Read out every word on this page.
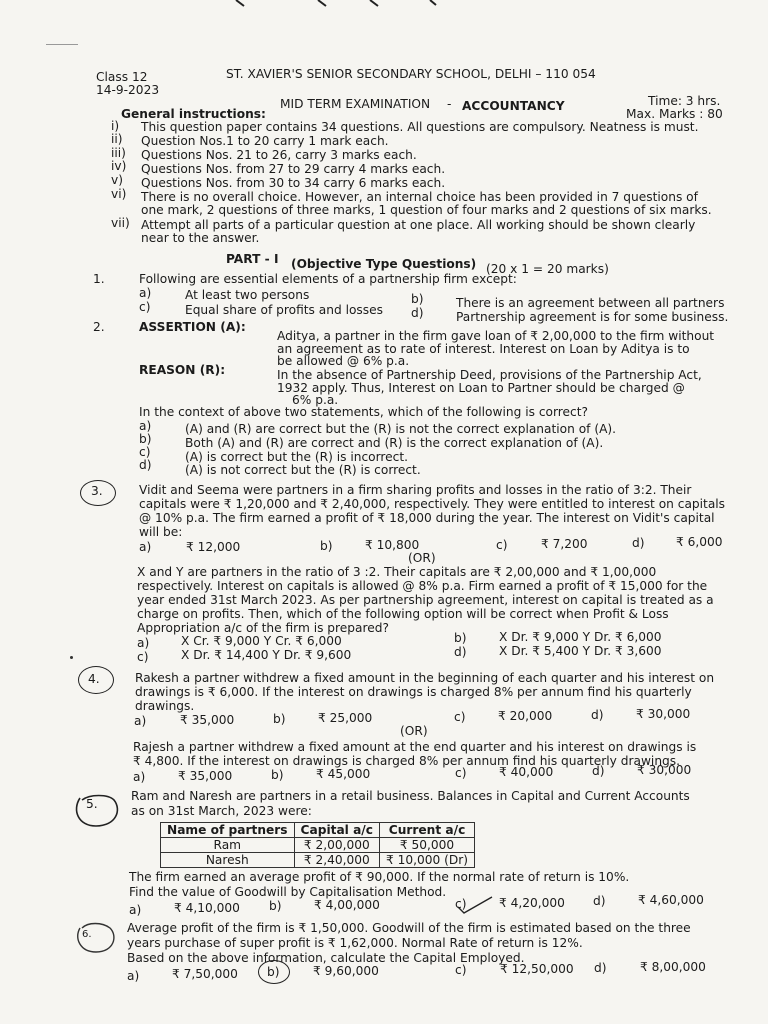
Class 12
14-9-2023
ST. XAVIER'S SENIOR SECONDARY SCHOOL, DELHI – 110 054
MID TERM EXAMINATION - ACCOUNTANCY	Time: 3 hrs.
Max. Marks : 80
General instructions:
i) This question paper contains 34 questions. All questions are compulsory. Neatness is must.
ii) Question Nos.1 to 20 carry 1 mark each.
iii) Questions Nos. 21 to 26, carry 3 marks each.
iv) Questions Nos. from 27 to 29 carry 4 marks each.
v) Questions Nos. from 30 to 34 carry 6 marks each.
vi) There is no overall choice. However, an internal choice has been provided in 7 questions of
one mark, 2 questions of three marks, 1 question of four marks and 2 questions of six marks.
vii) Attempt all parts of a particular question at one place. All working should be shown clearly
near to the answer.
PART - I (Objective Type Questions) (20 x 1 = 20 marks)
1.	Following are essential elements of a partnership firm except:
a)	At least two persons	b)	There is an agreement between all partners
c)	Equal share of profits and losses d)	Partnership agreement is for some business.
2.	ASSERTION (A):
Aditya, a partner in the firm gave loan of ₹ 2,00,000 to the firm without
an agreement as to rate of interest. Interest on Loan by Aditya is to
be allowed @ 6% p.a.
REASON (R):	In the absence of Partnership Deed, provisions of the Partnership Act,
1932 apply. Thus, Interest on Loan to Partner should be charged @
6% p.a.
In the context of above two statements, which of the following is correct?
a)	(A) and (R) are correct but the (R) is not the correct explanation of (A).
b)	Both (A) and (R) are correct and (R) is the correct explanation of (A).
c)	(A) is correct but the (R) is incorrect.
d)	(A) is not correct but the (R) is correct.
3.	Vidit and Seema were partners in a firm sharing profits and losses in the ratio of 3:2. Their
capitals were ₹ 1,20,000 and ₹ 2,40,000, respectively. They were entitled to interest on capitals
@ 10% p.a. The firm earned a profit of ₹ 18,000 during the year. The interest on Vidit's capital
will be:
a)	₹ 12,000	b)	₹ 10,800	c)	₹ 7,200	d)	₹ 6,000
(OR)
X and Y are partners in the ratio of 3 :2. Their capitals are ₹ 2,00,000 and ₹ 1,00,000
respectively. Interest on capitals is allowed @ 8% p.a. Firm earned a profit of ₹ 15,000 for the
year ended 31st March 2023. As per partnership agreement, interest on capital is treated as a
charge on profits. Then, which of the following option will be correct when Profit & Loss
Appropriation a/c of the firm is prepared?
a)	X Cr. ₹ 9,000 Y Cr. ₹ 6,000	b)	X Dr. ₹ 9,000 Y Dr. ₹ 6,000
c)	X Dr. ₹ 14,400 Y Dr. ₹ 9,600	d)	X Dr. ₹ 5,400 Y Dr. ₹ 3,600
4.	Rakesh a partner withdrew a fixed amount in the beginning of each quarter and his interest on
drawings is ₹ 6,000. If the interest on drawings is charged 8% per annum find his quarterly
drawings.
a)	₹ 35,000	b)	₹ 25,000	c)	₹ 20,000	d)	₹ 30,000
(OR)
Rajesh a partner withdrew a fixed amount at the end quarter and his interest on drawings is
₹ 4,800. If the interest on drawings is charged 8% per annum find his quarterly drawings.
a)	₹ 35,000	b)	₹ 45,000	c)	₹ 40,000	d)	₹ 30,000
5.
Ram and Naresh are partners in a retail business. Balances in Capital and Current Accounts
as on 31st March, 2023 were:
Name of partners	Capital a/c	Current a/c
Ram	₹ 2,00,000	₹ 50,000
Naresh	₹ 2,40,000	₹ 10,000 (Dr)
The firm earned an average profit of ₹ 90,000. If the normal rate of return is 10%.
Find the value of Goodwill by Capitalisation Method.
a)	₹ 4,10,000 b)	₹ 4,00,000	c)	₹ 4,20,000 d)	₹ 4,60,000
6.	Average profit of the firm is ₹ 1,50,000. Goodwill of the firm is estimated based on the three
years purchase of super profit is ₹ 1,62,000. Normal Rate of return is 12%.
Based on the above information, calculate the Capital Employed.
a)	₹ 7,50,000 b)	₹ 9,60,000	c)	₹ 12,50,000 d)	₹ 8,00,000
